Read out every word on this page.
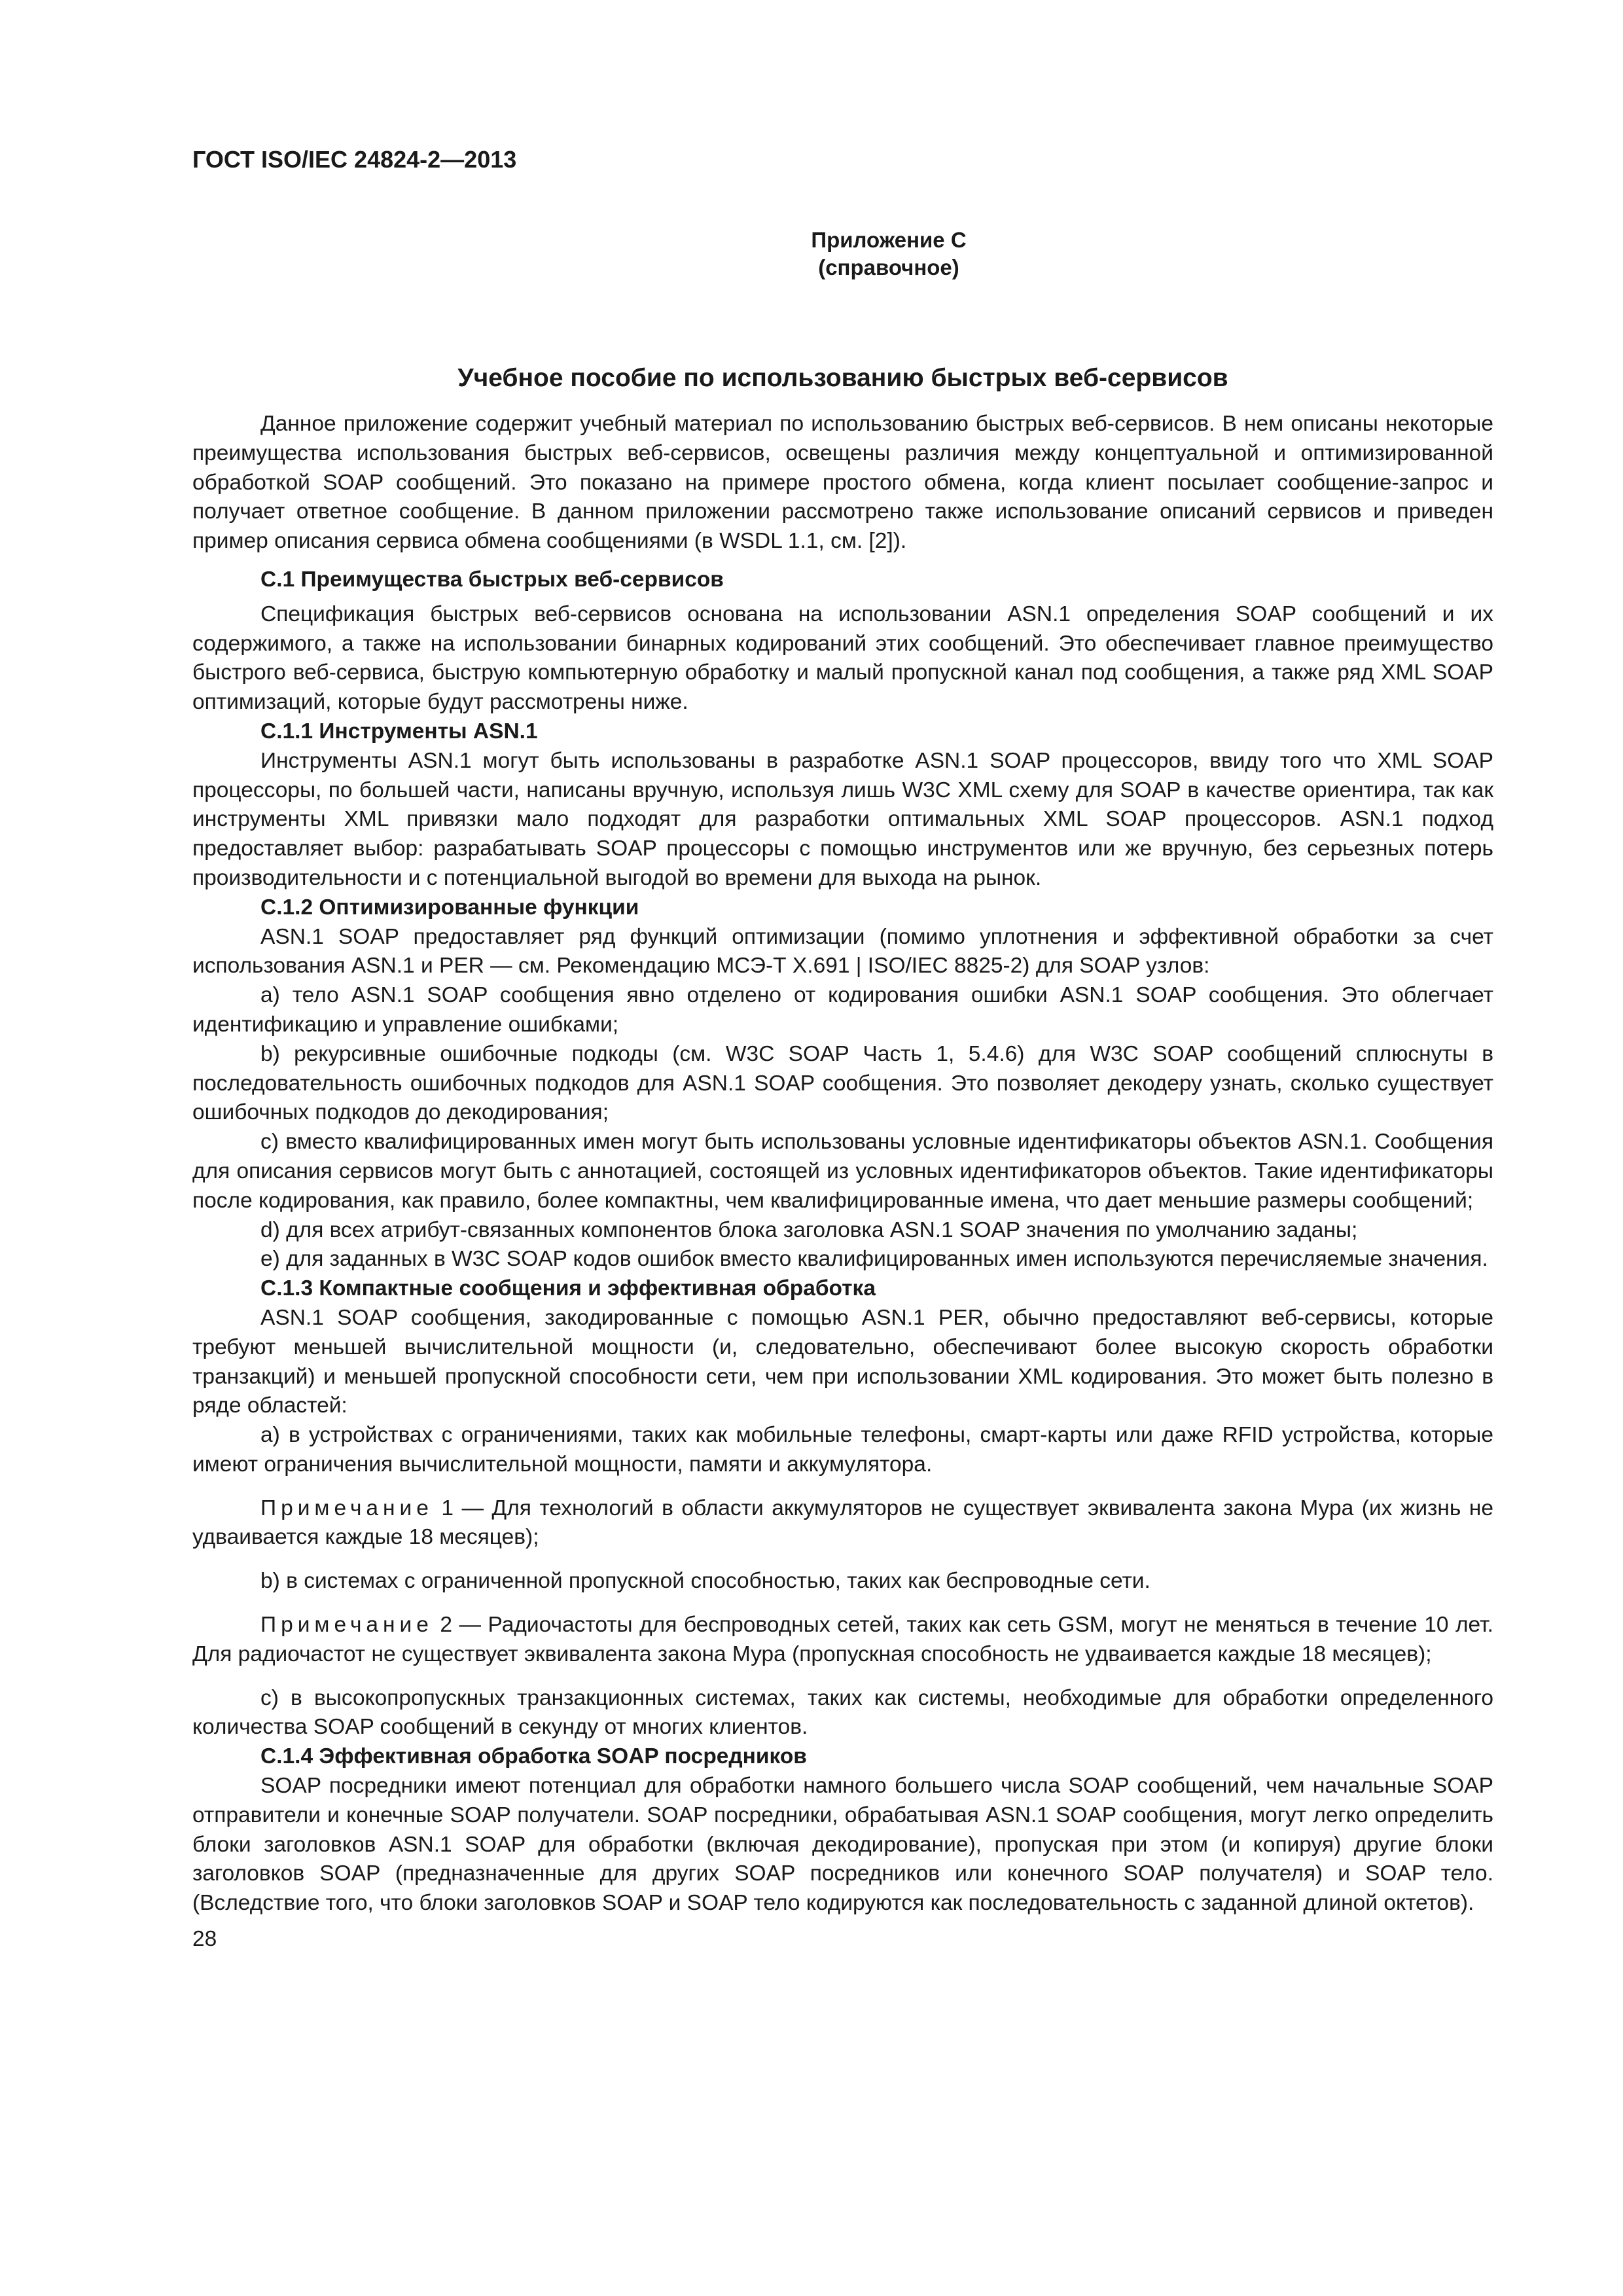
ГОСТ ISO/IEC 24824-2—2013
Приложение С
(справочное)
Учебное пособие по использованию быстрых веб-сервисов

Данное приложение содержит учебный материал по использованию быстрых веб-сервисов. В нем описаны некоторые преимущества использования быстрых веб-сервисов, освещены различия между концептуальной и оптимизированной обработкой SOAP сообщений. Это показано на примере простого обмена, когда клиент посылает сообщение-запрос и получает ответное сообщение. В данном приложении рассмотрено также использование описаний сервисов и приведен пример описания сервиса обмена сообщениями (в WSDL 1.1, см. [2]).

С.1 Преимущества быстрых веб-сервисов

Спецификация быстрых веб-сервисов основана на использовании ASN.1 определения SOAP сообщений и их содержимого, а также на использовании бинарных кодирований этих сообщений. Это обеспечивает главное преимущество быстрого веб-сервиса, быструю компьютерную обработку и малый пропускной канал под сообщения, а также ряд XML SOAP оптимизаций, которые будут рассмотрены ниже.

С.1.1 Инструменты ASN.1

Инструменты ASN.1 могут быть использованы в разработке ASN.1 SOAP процессоров, ввиду того что XML SOAP процессоры, по большей части, написаны вручную, используя лишь W3C XML схему для SOAP в качестве ориентира, так как инструменты XML привязки мало подходят для разработки оптимальных XML SOAP процессоров. ASN.1 подход предоставляет выбор: разрабатывать SOAP процессоры с помощью инструментов или же вручную, без серьезных потерь производительности и с потенциальной выгодой во времени для выхода на рынок.

С.1.2 Оптимизированные функции

ASN.1 SOAP предоставляет ряд функций оптимизации (помимо уплотнения и эффективной обработки за счет использования ASN.1 и PER — см. Рекомендацию МСЭ-Т X.691 | ISO/IEC 8825-2) для SOAP узлов:

а) тело ASN.1 SOAP сообщения явно отделено от кодирования ошибки ASN.1 SOAP сообщения. Это облегчает идентификацию и управление ошибками;

b) рекурсивные ошибочные подкоды (см. W3C SOAP Часть 1, 5.4.6) для W3C SOAP сообщений сплюснуты в последовательность ошибочных подкодов для ASN.1 SOAP сообщения. Это позволяет декодеру узнать, сколько существует ошибочных подкодов до декодирования;

с) вместо квалифицированных имен могут быть использованы условные идентификаторы объектов ASN.1. Сообщения для описания сервисов могут быть с аннотацией, состоящей из условных идентификаторов объектов. Такие идентификаторы после кодирования, как правило, более компактны, чем квалифицированные имена, что дает меньшие размеры сообщений;

d) для всех атрибут-связанных компонентов блока заголовка ASN.1 SOAP значения по умолчанию заданы;

е) для заданных в W3C SOAP кодов ошибок вместо квалифицированных имен используются перечисляемые значения.

С.1.3 Компактные сообщения и эффективная обработка

ASN.1 SOAP сообщения, закодированные с помощью ASN.1 PER, обычно предоставляют веб-сервисы, которые требуют меньшей вычислительной мощности (и, следовательно, обеспечивают более высокую скорость обработки транзакций) и меньшей пропускной способности сети, чем при использовании XML кодирования. Это может быть полезно в ряде областей:

а) в устройствах с ограничениями, таких как мобильные телефоны, смарт-карты или даже RFID устройства, которые имеют ограничения вычислительной мощности, памяти и аккумулятора.

Примечание 1 — Для технологий в области аккумуляторов не существует эквивалента закона Мура (их жизнь не удваивается каждые 18 месяцев);

b) в системах с ограниченной пропускной способностью, таких как беспроводные сети.

Примечание 2 — Радиочастоты для беспроводных сетей, таких как сеть GSM, могут не меняться в течение 10 лет. Для радиочастот не существует эквивалента закона Мура (пропускная способность не удваивается каждые 18 месяцев);

с) в высокопропускных транзакционных системах, таких как системы, необходимые для обработки определенного количества SOAP сообщений в секунду от многих клиентов.

С.1.4 Эффективная обработка SOAP посредников

SOAP посредники имеют потенциал для обработки намного большего числа SOAP сообщений, чем начальные SOAP отправители и конечные SOAP получатели. SOAP посредники, обрабатывая ASN.1 SOAP сообщения, могут легко определить блоки заголовков ASN.1 SOAP для обработки (включая декодирование), пропуская при этом (и копируя) другие блоки заголовков SOAP (предназначенные для других SOAP посредников или конечного SOAP получателя) и SOAP тело. (Вследствие того, что блоки заголовков SOAP и SOAP тело кодируются как последовательность с заданной длиной октетов).

28
